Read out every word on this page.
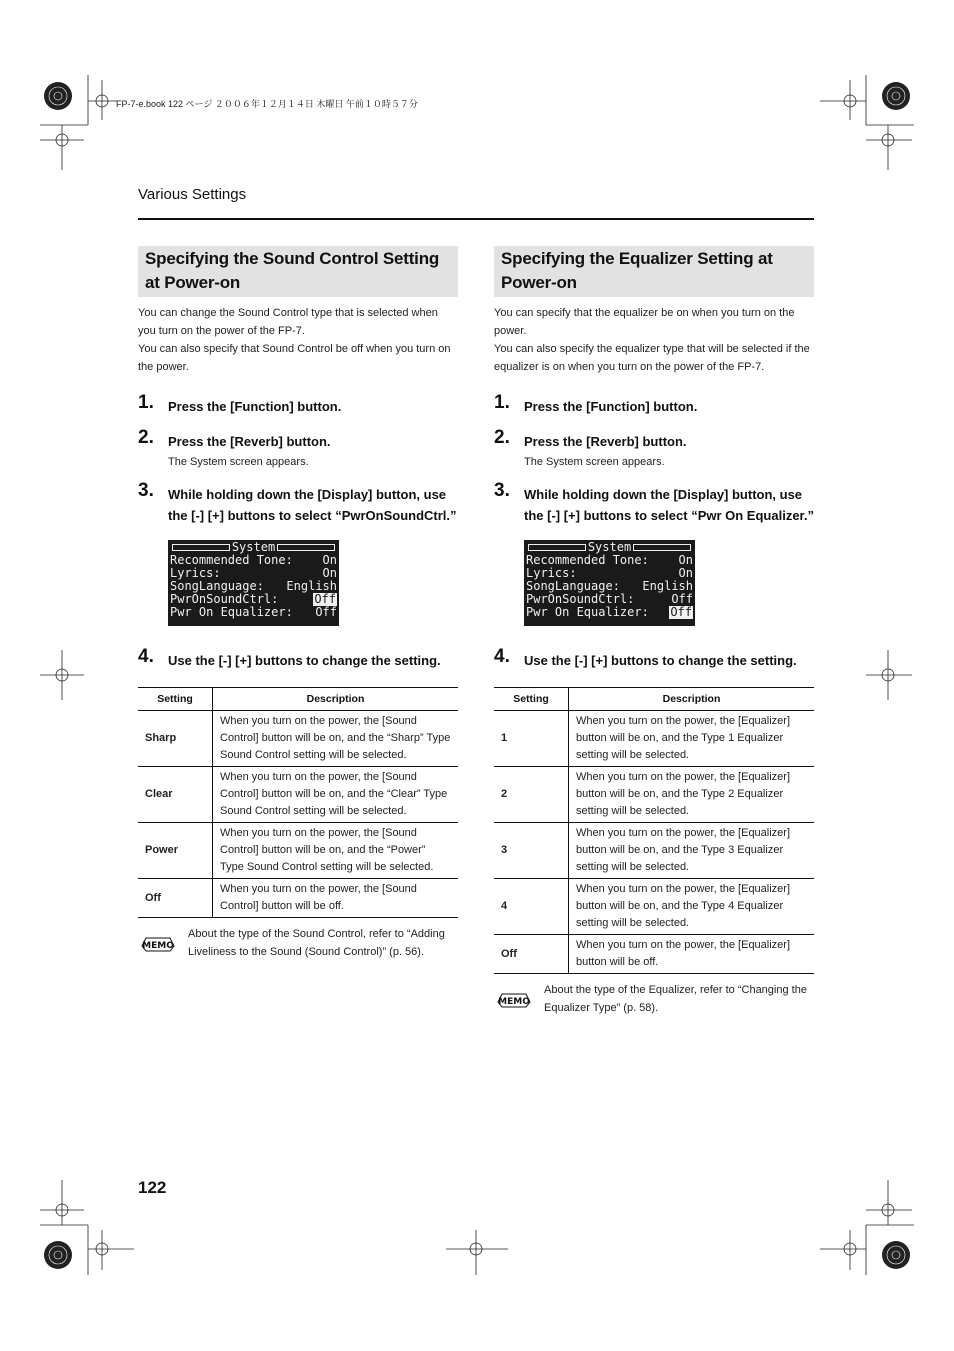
FP-7-e.book 122 ページ ２００６年１２月１４日 木曜日 午前１０時５７分
Various Settings
Specifying the Sound Control Setting at Power-on

You can change the Sound Control type that is selected when you turn on the power of the FP-7.

You can also specify that Sound Control be off when you turn on the power.

1. Press the [Function] button.
2. Press the [Reverb] button.
The System screen appears.
3. While holding down the [Display] button, use the [-] [+] buttons to select “PwrOnSoundCtrl.”
System
Recommended Tone: On
Lyrics:	On
SongLanguage: English
PwrOnSoundCtrl:	Off
Pwr On Equalizer: Off
4. Use the [-] [+] buttons to change the setting.
Setting	Description
Sharp	When you turn on the power, the [Sound Control] button will be on, and the “Sharp” Type Sound Control setting will be selected.
Clear	When you turn on the power, the [Sound Control] button will be on, and the “Clear” Type Sound Control setting will be selected.
Power	When you turn on the power, the [Sound Control] button will be on, and the “Power” Type Sound Control setting will be selected.
Off	When you turn on the power, the [Sound Control] button will be off.
MEMO
About the type of the Sound Control, refer to “Adding Liveliness to the Sound (Sound Control)” (p. 56).
Specifying the Equalizer Setting at Power-on

You can specify that the equalizer be on when you turn on the power.

You can also specify the equalizer type that will be selected if the equalizer is on when you turn on the power of the FP-7.

1. Press the [Function] button.
2. Press the [Reverb] button.
The System screen appears.
3. While holding down the [Display] button, use the [-] [+] buttons to select “Pwr On Equalizer.”
System
Recommended Tone: On
Lyrics:	On
SongLanguage: English
PwrOnSoundCtrl:	Off
Pwr On Equalizer: Off
4. Use the [-] [+] buttons to change the setting.
Setting	Description
1	When you turn on the power, the [Equalizer] button will be on, and the Type 1 Equalizer setting will be selected.
2	When you turn on the power, the [Equalizer] button will be on, and the Type 2 Equalizer setting will be selected.
3	When you turn on the power, the [Equalizer] button will be on, and the Type 3 Equalizer setting will be selected.
4	When you turn on the power, the [Equalizer] button will be on, and the Type 4 Equalizer setting will be selected.
Off	When you turn on the power, the [Equalizer] button will be off.
MEMO
About the type of the Equalizer, refer to “Changing the Equalizer Type” (p. 58).
122
